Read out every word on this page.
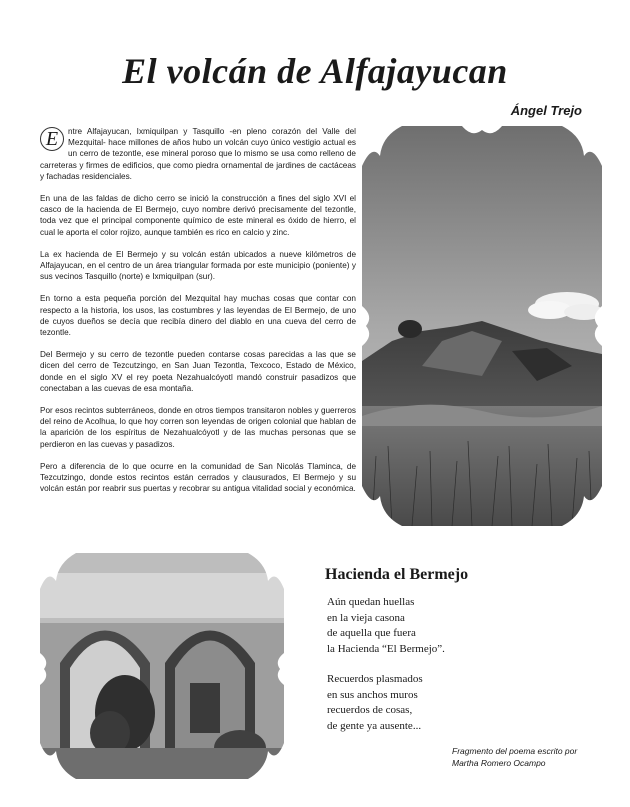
El volcán de Alfajayucan
Ángel Trejo

E	ntre Alfajayucan, Ixmiquilpan y Tasquillo -en pleno corazón del Valle del Mezquital- hace millones de años hubo un volcán cuyo único vestigio actual es un cerro de tezontle, ese mineral poroso que lo mismo se usa como relleno de carreteras y firmes de edificios, que como piedra ornamental de jardines de cactáceas y fachadas residenciales.

En una de las faldas de dicho cerro se inició la construcción a fines del siglo XVI el casco de la hacienda de El Bermejo, cuyo nombre derivó precisamente del tezontle, toda vez que el principal componente químico de este mineral es óxido de hierro, el cual le aporta el color rojizo, aunque también es rico en calcio y zinc.

La ex hacienda de El Bermejo y su volcán están ubicados a nueve kilómetros de Alfajayucan, en el centro de un área triangular formada por este municipio (poniente) y sus vecinos Tasquillo (norte) e Ixmiquilpan (sur).

En torno a esta pequeña porción del Mezquital hay muchas cosas que contar con respecto a la historia, los usos, las costumbres y las leyendas de El Bermejo, de uno de cuyos dueños se decía que recibía dinero del diablo en una cueva del cerro de tezontle.

Del Bermejo y su cerro de tezontle pueden contarse cosas parecidas a las que se dicen del cerro de Tezcutzingo, en San Juan Tezontla, Texcoco, Estado de México, donde en el siglo XV el rey poeta Nezahualcóyotl mandó construir pasadizos que conectaban a las cuevas de esa montaña.

Por esos recintos subterráneos, donde en otros tiempos transitaron nobles y guerreros del reino de Acolhua, lo que hoy corren son leyendas de origen colonial que hablan de la aparición de los espíritus de Nezahualcóyotl y de las muchas personas que se perdieron en las cuevas y pasadizos.

Pero a diferencia de lo que ocurre en la comunidad de San Nicolás Tlaminca, de Tezcutzingo, donde estos recintos están cerrados y clausurados, El Bermejo y su volcán están por reabrir sus puertas y recobrar su antigua vitalidad social y económica.

Hacienda el Bermejo
Aún quedan huellas
en la vieja casona
de aquella que fuera
la Hacienda “El Bermejo”.
Recuerdos plasmados
en sus anchos muros
recuerdos de cosas,
de gente ya ausente...
Fragmento del poema escrito por
Martha Romero Ocampo
